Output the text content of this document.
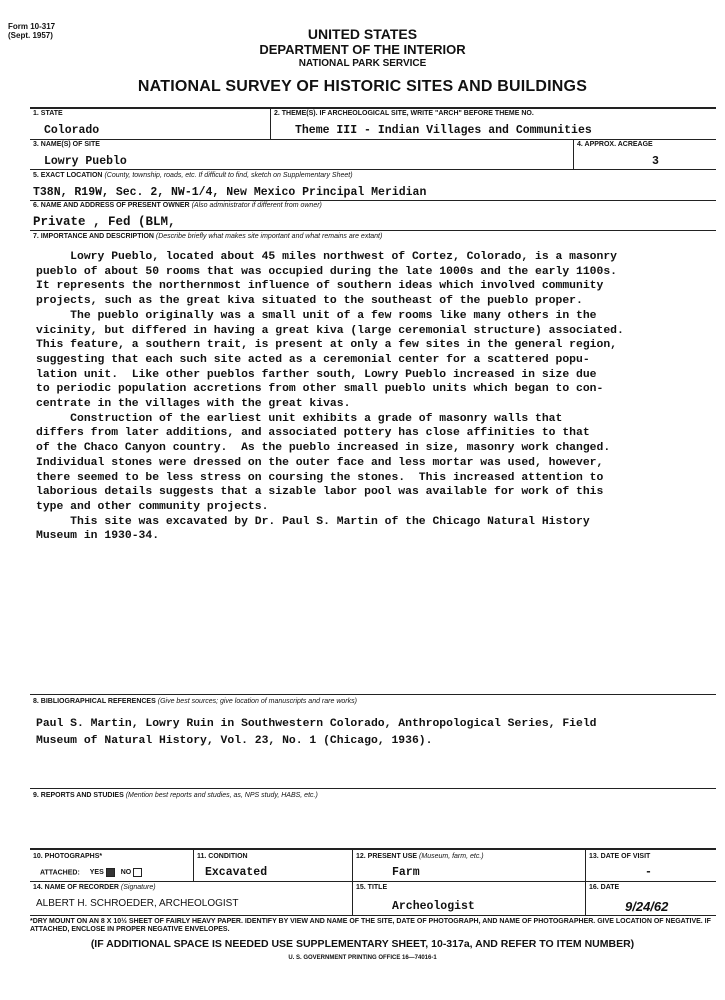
Form 10-317
(Sept. 1957)	UNITED STATES
DEPARTMENT OF THE INTERIOR
NATIONAL PARK SERVICE
NATIONAL SURVEY OF HISTORIC SITES AND BUILDINGS
1. STATE
Colorado
2. THEME(S). IF ARCHEOLOGICAL SITE, WRITE "ARCH" BEFORE THEME NO.
Theme III - Indian Villages and Communities
3. NAME(S) OF SITE
Lowry Pueblo
4. APPROX. ACREAGE
3
5. EXACT LOCATION (County, township, roads, etc. If difficult to find, sketch on Supplementary Sheet)
T38N, R19W, Sec. 2, NW-1/4, New Mexico Principal Meridian
6. NAME AND ADDRESS OF PRESENT OWNER (Also administrator if different from owner)
Private , Fed (BLM,
7. IMPORTANCE AND DESCRIPTION (Describe briefly what makes site important and what remains are extant)

Lowry Pueblo, located about 45 miles northwest of Cortez, Colorado, is a masonry

pueblo of about 50 rooms that was occupied during the late 1000s and the early 1100s.

It represents the northernmost influence of southern ideas which involved community

projects, such as the great kiva situated to the southeast of the pueblo proper.

The pueblo originally was a small unit of a few rooms like many others in the

vicinity, but differed in having a great kiva (large ceremonial structure) associated.

This feature, a southern trait, is present at only a few sites in the general region,

suggesting that each such site acted as a ceremonial center for a scattered popu-

lation unit.  Like other pueblos farther south, Lowry Pueblo increased in size due

to periodic population accretions from other small pueblo units which began to con-

centrate in the villages with the great kivas.

Construction of the earliest unit exhibits a grade of masonry walls that

differs from later additions, and associated pottery has close affinities to that

of the Chaco Canyon country.  As the pueblo increased in size, masonry work changed.

Individual stones were dressed on the outer face and less mortar was used, however,

there seemed to be less stress on coursing the stones.  This increased attention to

laborious details suggests that a sizable labor pool was available for work of this

type and other community projects.

This site was excavated by Dr. Paul S. Martin of the Chicago Natural History

Museum in 1930-34.

8. BIBLIOGRAPHICAL REFERENCES (Give best sources; give location of manuscripts and rare works)
Paul S. Martin, Lowry Ruin in Southwestern Colorado, Anthropological Series, Field
Museum of Natural History, Vol. 23, No. 1 (Chicago, 1936).
9. REPORTS AND STUDIES (Mention best reports and studies, as, NPS study, HABS, etc.)
10. PHOTOGRAPHS*
ATTACHED: YES NO
11. CONDITION
Excavated
12. PRESENT USE (Museum, farm, etc.)
Farm
13. DATE OF VISIT
-
14. NAME OF RECORDER (Signature)
ALBERT H. SCHROEDER, ARCHEOLOGIST
15. TITLE
Archeologist
16. DATE
9/24/62
*DRY MOUNT ON AN 8 X 10½ SHEET OF FAIRLY HEAVY PAPER. IDENTIFY BY VIEW AND NAME OF THE SITE, DATE OF PHOTOGRAPH, AND NAME OF PHOTOGRAPHER. GIVE LOCATION OF NEGATIVE. IF ATTACHED, ENCLOSE IN PROPER NEGATIVE ENVELOPES.
(IF ADDITIONAL SPACE IS NEEDED USE SUPPLEMENTARY SHEET, 10-317a, AND REFER TO ITEM NUMBER)
U. S. GOVERNMENT PRINTING OFFICE 16—74016-1
